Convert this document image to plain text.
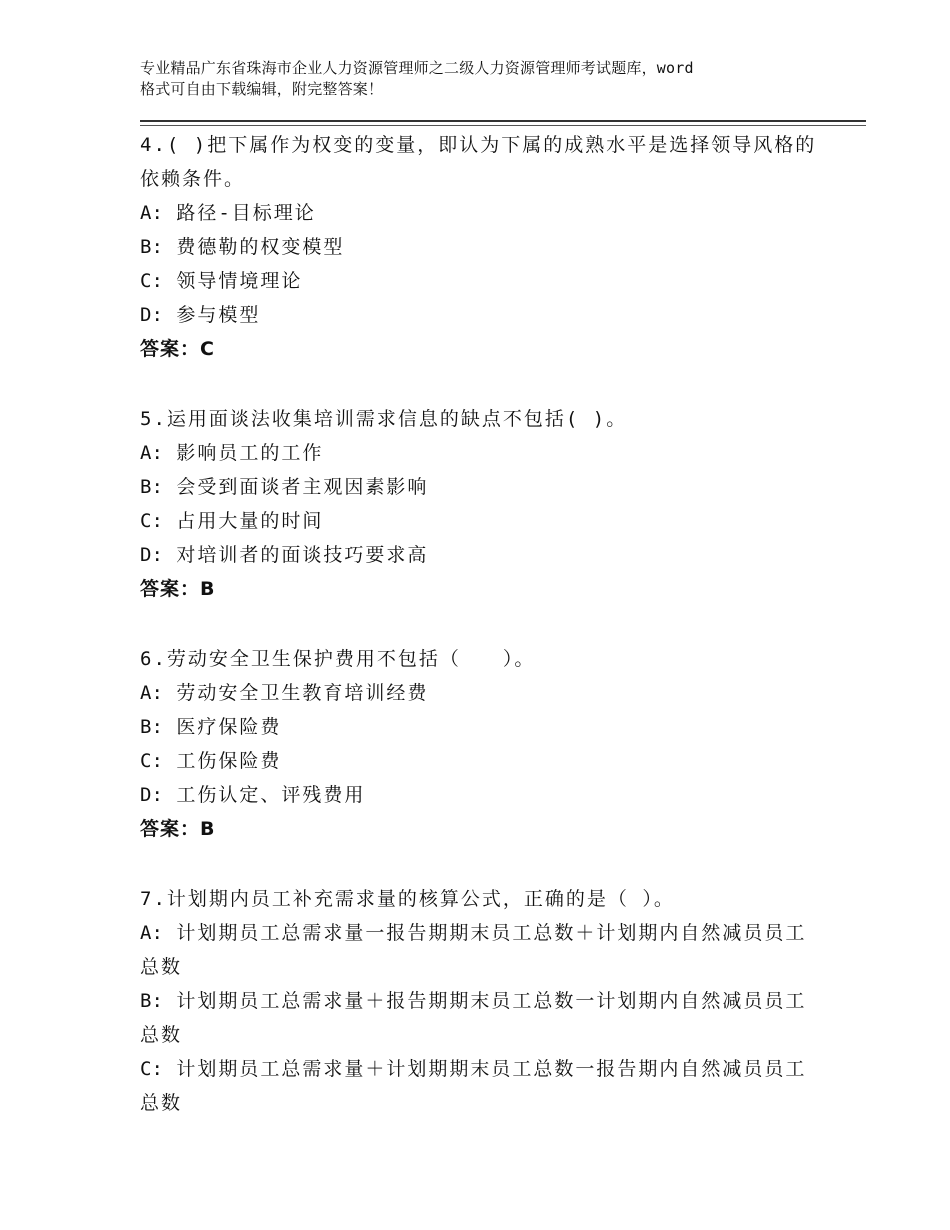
专业精品广东省珠海市企业人力资源管理师之二级人力资源管理师考试题库，word
格式可自由下载编辑，附完整答案！
4.( )把下属作为权变的变量，即认为下属的成熟水平是选择领导风格的依赖条件。
A: 路径-目标理论
B: 费德勒的权变模型
C: 领导情境理论
D: 参与模型
答案：C
5.运用面谈法收集培训需求信息的缺点不包括( )。
A: 影响员工的工作
B: 会受到面谈者主观因素影响
C: 占用大量的时间
D: 对培训者的面谈技巧要求高
答案：B
6.劳动安全卫生保护费用不包括（　　）。
A: 劳动安全卫生教育培训经费
B: 医疗保险费
C: 工伤保险费
D: 工伤认定、评残费用
答案：B
7.计划期内员工补充需求量的核算公式，正确的是（ ）。
A: 计划期员工总需求量一报告期期末员工总数＋计划期内自然减员员工总数
B: 计划期员工总需求量＋报告期期末员工总数一计划期内自然减员员工总数
C: 计划期员工总需求量＋计划期期末员工总数一报告期内自然减员员工总数
